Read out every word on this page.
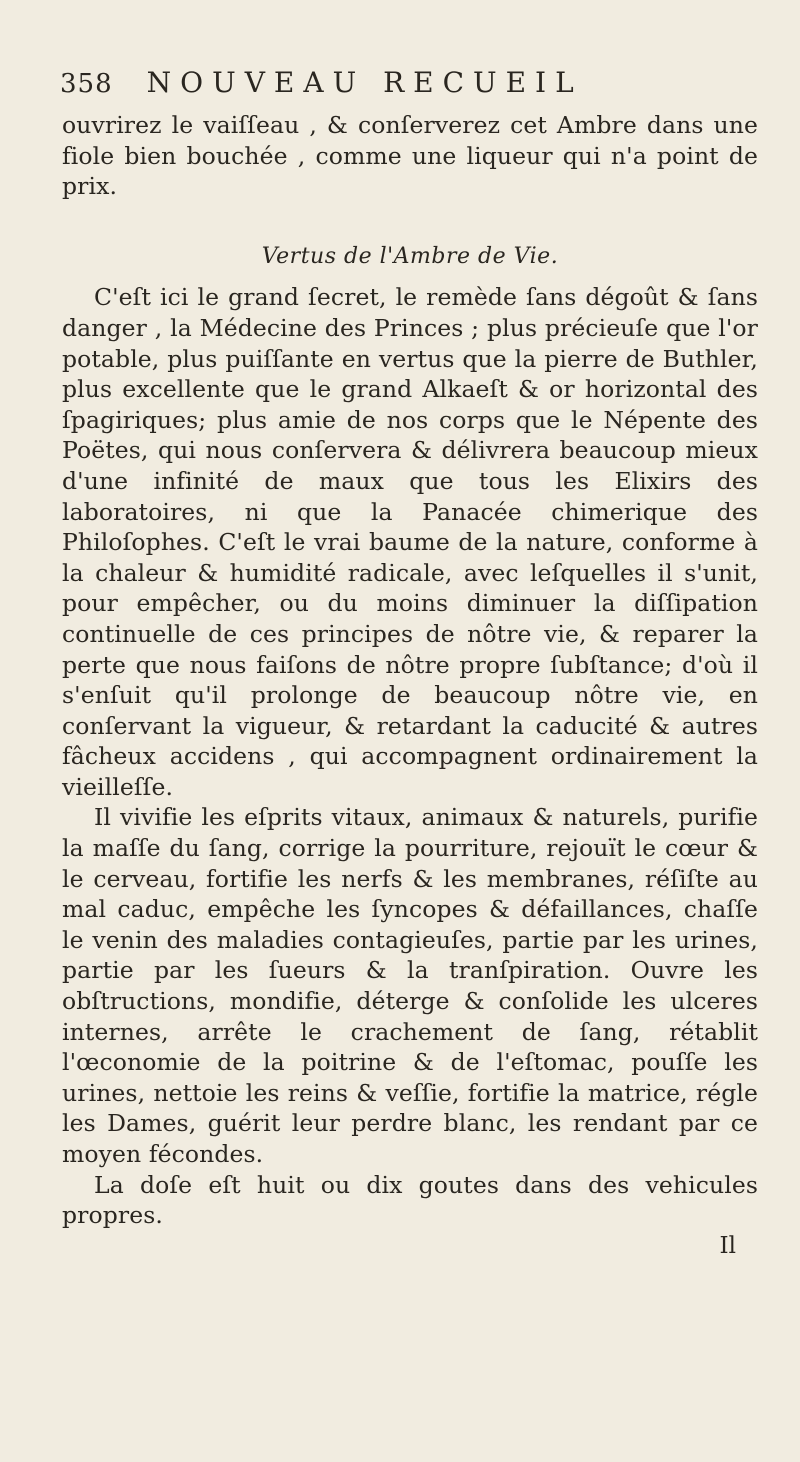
358 NOUVEAU RECUEIL

ouvrirez le vaiſſeau , & conſerverez cet Ambre dans une fiole bien bouchée , comme une liqueur qui n'a point de prix.

Vertus de l'Ambre de Vie.

C'eſt ici le grand ſecret, le remède ſans dégoût & ſans danger , la Médecine des Princes ; plus précieuſe que l'or potable, plus puiſſante en vertus que la pierre de Buthler, plus excellente que le grand Alkaeſt & or horizontal des ſpagiriques; plus amie de nos corps que le Népente des Poëtes, qui nous conſervera & délivrera beaucoup mieux d'une infinité de maux que tous les Elixirs des laboratoires, ni que la Panacée chimerique des Philoſophes. C'eſt le vrai baume de la nature, conforme à la chaleur & humidité radicale, avec leſquelles il s'unit, pour empêcher, ou du moins diminuer la diſſipation continuelle de ces principes de nôtre vie, & reparer la perte que nous faiſons de nôtre propre ſubſtance; d'où il s'enſuit qu'il prolonge de beaucoup nôtre vie, en conſervant la vigueur, & retardant la caducité & autres fâcheux accidens , qui accompagnent ordinairement la vieilleſſe.

Il vivifie les eſprits vitaux, animaux & naturels, purifie la maſſe du ſang, corrige la pourriture, rejouït le cœur & le cerveau, fortifie les nerfs & les membranes, réſiſte au mal caduc, empêche les ſyncopes & défaillances, chaſſe le venin des maladies contagieuſes, partie par les urines, partie par les ſueurs & la tranſpiration. Ouvre les obſtructions, mondifie, déterge & conſolide les ulceres internes, arrête le crachement de ſang, rétablit l'œconomie de la poitrine & de l'eſtomac, pouſſe les urines, nettoie les reins & veſſie, fortifie la matrice, régle les Dames, guérit leur perdre blanc, les rendant par ce moyen fécondes.

La doſe eſt huit ou dix goutes dans des vehicules propres.

Il
